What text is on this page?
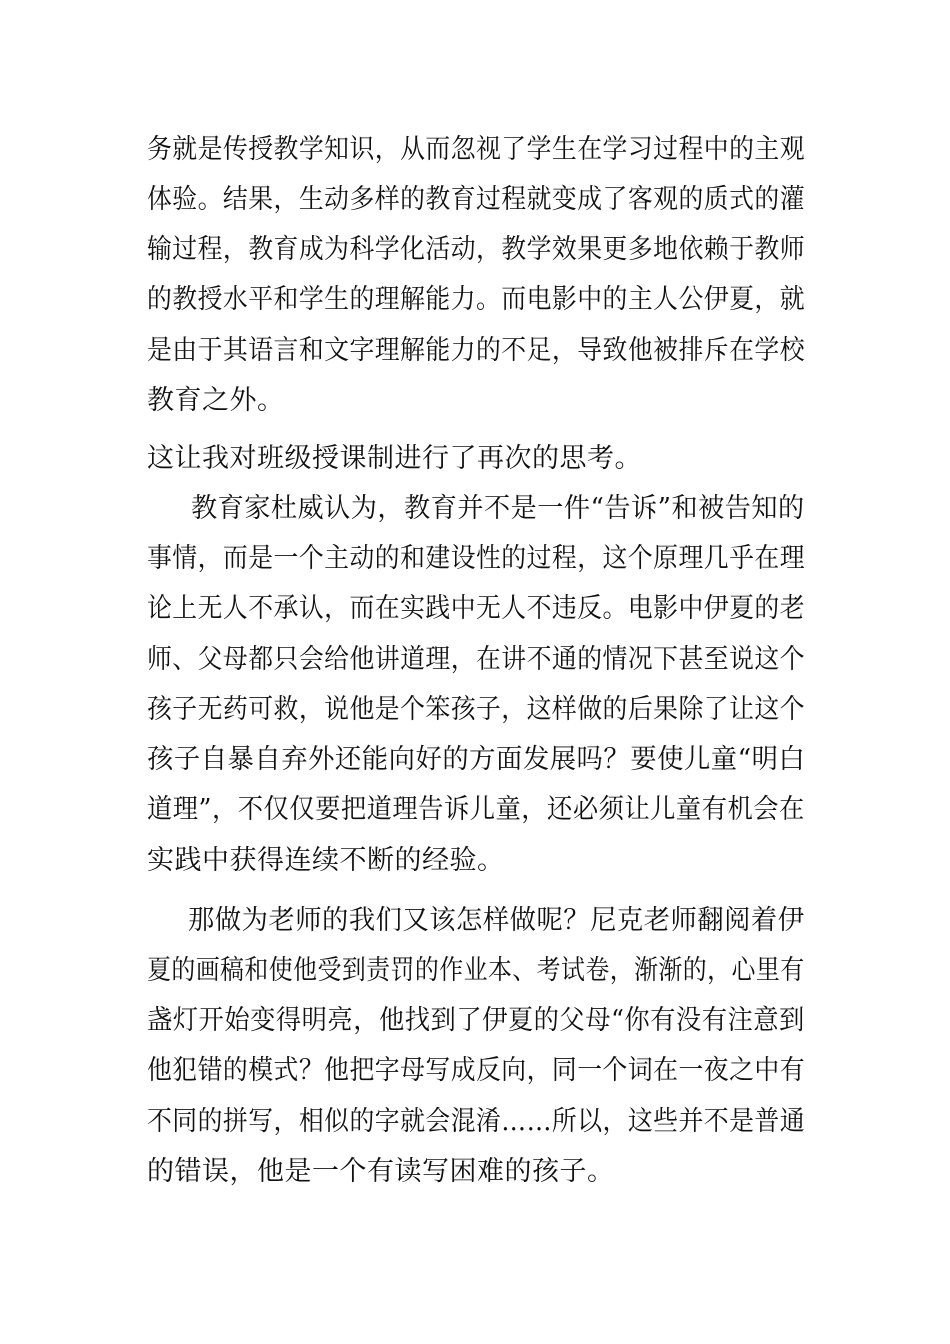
务就是传授教学知识，从而忽视了学生在学习过程中的主观
体验。结果，生动多样的教育过程就变成了客观的质式的灌
输过程，教育成为科学化活动，教学效果更多地依赖于教师
的教授水平和学生的理解能力。而电影中的主人公伊夏，就
是由于其语言和文字理解能力的不足，导致他被排斥在学校
教育之外。
这让我对班级授课制进行了再次的思考。
教育家杜威认为，教育并不是一件“告诉”和被告知的
事情，而是一个主动的和建设性的过程，这个原理几乎在理
论上无人不承认，而在实践中无人不违反。电影中伊夏的老
师、父母都只会给他讲道理，在讲不通的情况下甚至说这个
孩子无药可救，说他是个笨孩子，这样做的后果除了让这个
孩子自暴自弃外还能向好的方面发展吗？要使儿童“明白
道理”，不仅仅要把道理告诉儿童，还必须让儿童有机会在
实践中获得连续不断的经验。
那做为老师的我们又该怎样做呢？尼克老师翻阅着伊
夏的画稿和使他受到责罚的作业本、考试卷，渐渐的，心里有
盏灯开始变得明亮，他找到了伊夏的父母“你有没有注意到
他犯错的模式？他把字母写成反向，同一个词在一夜之中有
不同的拼写，相似的字就会混淆……所以，这些并不是普通
的错误，他是一个有读写困难的孩子。
